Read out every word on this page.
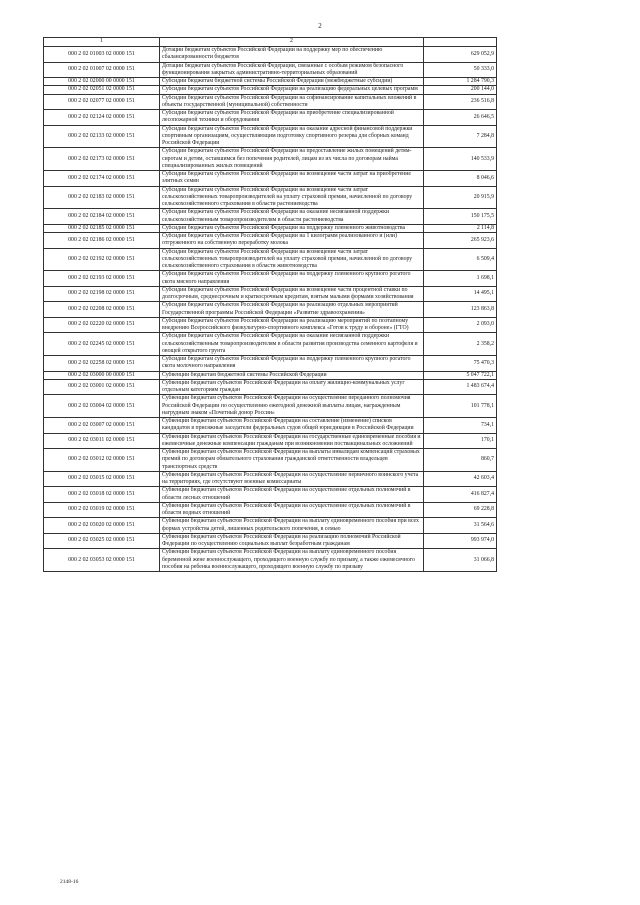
2
1	2	
000 2 02 01003 02 0000 151	Дотации бюджетам субъектов Российской Федерации на поддержку мер по обеспечению сбалансированности бюджетов	629 052,9
000 2 02 01007 02 0000 151	Дотации бюджетам субъектов Российской Федерации, связанные с особым режимом безопасного функционирования закрытых административно-территориальных образований	50 333,0
000 2 02 02000 00 0000 151	Субсидии бюджетам бюджетной системы Российской Федерации (межбюджетные субсидии)	1 284 790,3
000 2 02 02051 02 0000 151	Субсидии бюджетам субъектов Российской Федерации на реализацию федеральных целевых программ	200 144,0
000 2 02 02077 02 0000 151	Субсидии бюджетам субъектов Российской Федерации на софинансирование капитальных вложений в объекты государственной (муниципальной) собственности	236 516,8
000 2 02 02124 02 0000 151	Субсидии бюджетам субъектов Российской Федерации на приобретение специализированной лесопожарной техники и оборудования	26 646,5
000 2 02 02133 02 0000 151	Субсидии бюджетам субъектов Российской Федерации на оказание адресной финансовой поддержки спортивным организациям, осуществляющим подготовку спортивного резерва для сборных команд Российской Федерации	7 284,8
000 2 02 02173 02 0000 151	Субсидии бюджетам субъектов Российской Федерации на предоставление жилых помещений детям-сиротам и детям, оставшимся без попечения родителей, лицам из их числа по договорам найма специализированных жилых помещений	140 533,9
000 2 02 02174 02 0000 151	Субсидии бюджетам субъектов Российской Федерации на возмещение части затрат на приобретение элитных семян	8 046,6
000 2 02 02183 02 0000 151	Субсидии бюджетам субъектов Российской Федерации на возмещение части затрат сельскохозяйственных товаропроизводителей на уплату страховой премии, начисленной по договору сельскохозяйственного страхования в области растениеводства	20 915,9
000 2 02 02184 02 0000 151	Субсидии бюджетам субъектов Российской Федерации на оказание несвязанной поддержки сельскохозяйственным товаропроизводителям в области растениеводства	150 175,5
000 2 02 02185 02 0000 151	Субсидии бюджетам субъектов Российской Федерации на поддержку племенного животноводства	2 114,8
000 2 02 02186 02 0000 151	Субсидии бюджетам субъектов Российской Федерации на 1 килограмм реализованного и (или) отгруженного на собственную переработку молока	265 923,6
000 2 02 02192 02 0000 151	Субсидии бюджетам субъектов Российской Федерации на возмещение части затрат сельскохозяйственных товаропроизводителей на уплату страховой премии, начисленной по договору сельскохозяйственного страхования в области животноводства	6 509,4
000 2 02 02193 02 0000 151	Субсидии бюджетам субъектов Российской Федерации на поддержку племенного крупного рогатого скота мясного направления	1 698,1
000 2 02 02198 02 0000 151	Субсидии бюджетам субъектов Российской Федерации на возмещение части процентной ставки по долгосрочным, среднесрочным и краткосрочным кредитам, взятым малыми формами хозяйствования	14 495,1
000 2 02 02208 02 0000 151	Субсидии бюджетам субъектов Российской Федерации на реализацию отдельных мероприятий Государственной программы Российской Федерации «Развитие здравоохранения»	123 863,8
000 2 02 02220 02 0000 151	Субсидии бюджетам субъектов Российской Федерации на реализацию мероприятий по поэтапному внедрению Всероссийского физкультурно-спортивного комплекса «Готов к труду и обороне» (ГТО)	2 093,0
000 2 02 02245 02 0000 151	Субсидии бюджетам субъектов Российской Федерации на оказание несвязанной поддержки сельскохозяйственным товаропроизводителям в области развития производства семенного картофеля и овощей открытого грунта	2 358,2
000 2 02 02258 02 0000 151	Субсидии бюджетам субъектов Российской Федерации на поддержку племенного крупного рогатого скота молочного направления	75 470,3
000 2 02 03000 00 0000 151	Субвенции бюджетам бюджетной системы Российской Федерации	5 047 722,1
000 2 02 03001 02 0000 151	Субвенции бюджетам субъектов Российской Федерации на оплату жилищно-коммунальных услуг отдельным категориям граждан	1 483 674,4
000 2 02 03004 02 0000 151	Субвенции бюджетам субъектов Российской Федерации на осуществление переданного полномочия Российской Федерации по осуществлению ежегодной денежной выплаты лицам, награжденным нагрудным знаком «Почетный донор России»	101 778,1
000 2 02 03007 02 0000 151	Субвенции бюджетам субъектов Российской Федерации на составление (изменение) списков кандидатов в присяжные заседатели федеральных судов общей юрисдикции в Российской Федерации	734,1
000 2 02 03011 02 0000 151	Субвенции бюджетам субъектов Российской Федерации на государственные единовременные пособия и ежемесячные денежные компенсации гражданам при возникновении поствакцинальных осложнений	170,1
000 2 02 03012 02 0000 151	Субвенции бюджетам субъектов Российской Федерации на выплаты инвалидам компенсаций страховых премий по договорам обязательного страхования гражданской ответственности владельцев транспортных средств	860,7
000 2 02 03015 02 0000 151	Субвенции бюджетам субъектов Российской Федерации на осуществление первичного воинского учета на территориях, где отсутствуют военные комиссариаты	42 603,4
000 2 02 03018 02 0000 151	Субвенции бюджетам субъектов Российской Федерации на осуществление отдельных полномочий в области лесных отношений	416 827,4
000 2 02 03019 02 0000 151	Субвенции бюджетам субъектов Российской Федерации на осуществление отдельных полномочий в области водных отношений	69 228,8
000 2 02 03020 02 0000 151	Субвенции бюджетам субъектов Российской Федерации на выплату единовременного пособия при всех формах устройства детей, лишенных родительского попечения, в семью	31 564,6
000 2 02 03025 02 0000 151	Субвенции бюджетам субъектов Российской Федерации на реализацию полномочий Российской Федерации по осуществлению социальных выплат безработным гражданам	993 974,0
000 2 02 03053 02 0000 151	Субвенции бюджетам субъектов Российской Федерации на выплату единовременного пособия беременной жене военнослужащего, проходящего военную службу по призыву, а также ежемесячного пособия на ребенка военнослужащего, проходящего военную службу по призыву	31 066,8
2148-16
